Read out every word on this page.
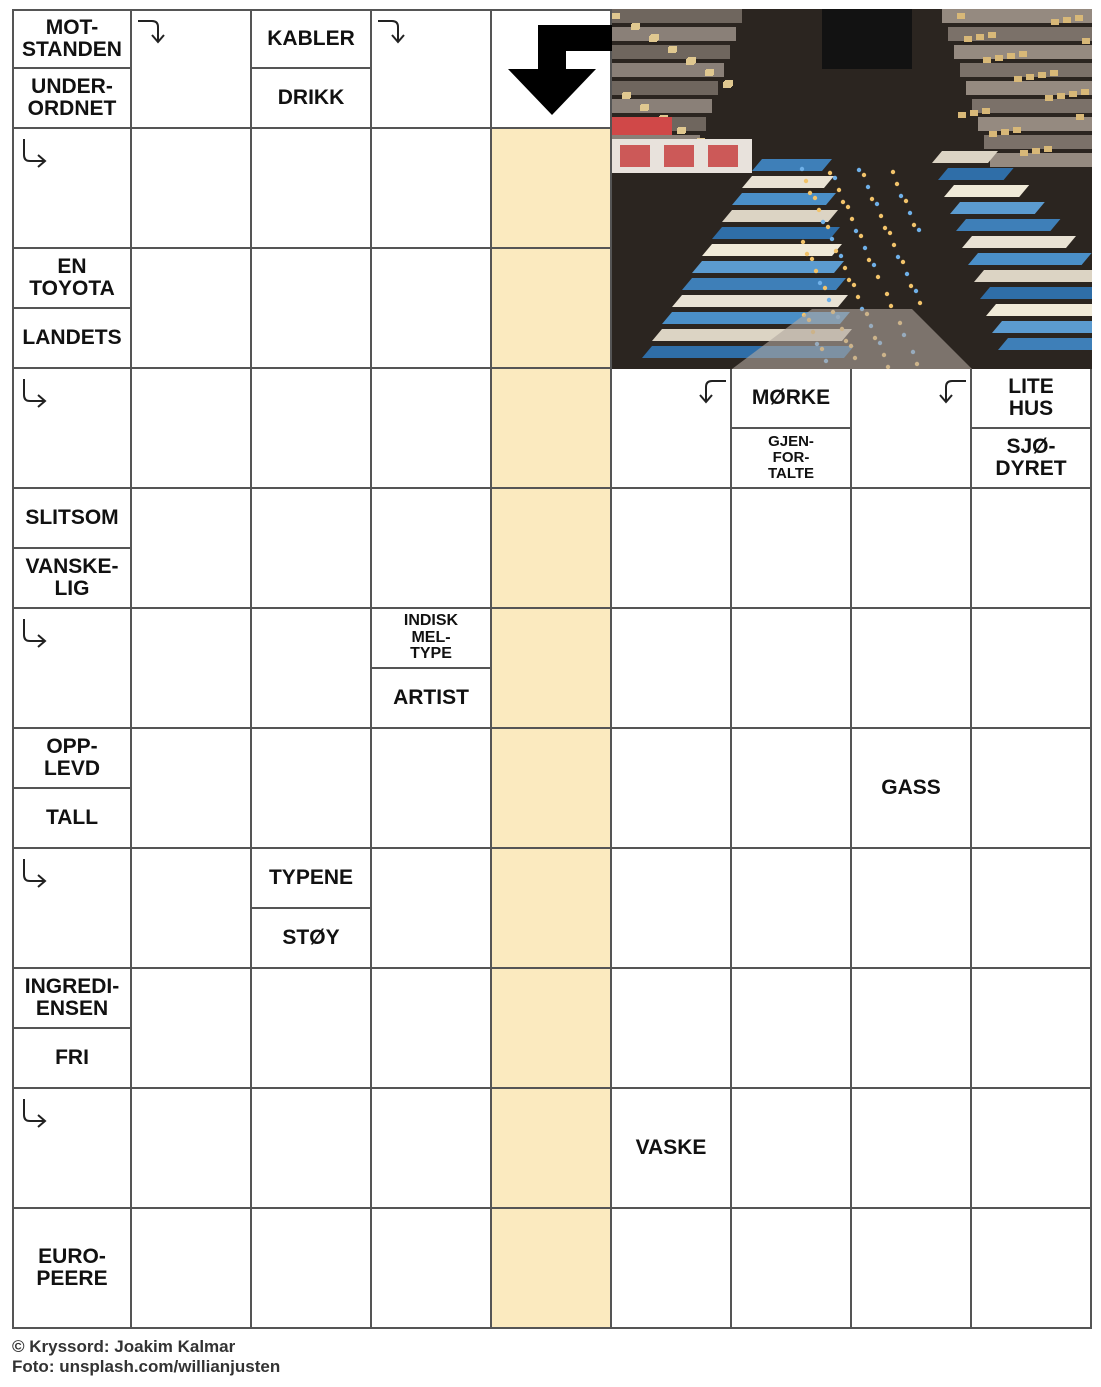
MOT-
STANDEN
UNDER-
ORDNET
KABLER
DRIKK
EN
TOYOTA
LANDETS
MØRKE
GJEN-
FOR-
TALTE
LITE
HUS
SJØ-
DYRET
SLITSOM
VANSKE-
LIG
INDISK
MEL-
TYPE
ARTIST
OPP-
LEVD
TALL
GASS
TYPENE
STØY
INGREDI-
ENSEN
FRI
VASKE
EURO-
PEERE
© Kryssord: Joakim Kalmar
Foto: unsplash.com/willianjusten
